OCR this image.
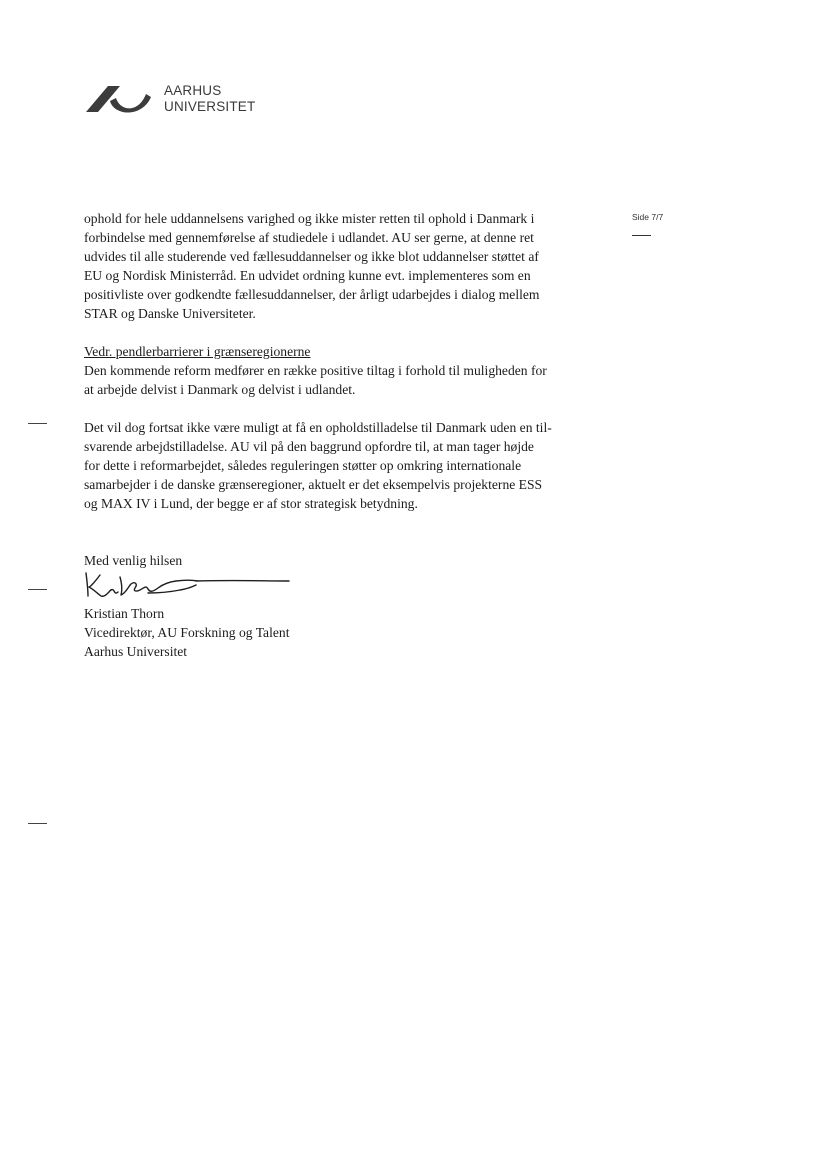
AARHUS
UNIVERSITET
Side 7/7
ophold for hele uddannelsens varighed og ikke mister retten til ophold i Danmark i
forbindelse med gennemførelse af studiedele i udlandet. AU ser gerne, at denne ret
udvides til alle studerende ved fællesuddannelser og ikke blot uddannelser støttet af
EU og Nordisk Ministerråd. En udvidet ordning kunne evt. implementeres som en
positivliste over godkendte fællesuddannelser, der årligt udarbejdes i dialog mellem
STAR og Danske Universiteter.
Vedr. pendlerbarrierer i grænseregionerne
Den kommende reform medfører en række positive tiltag i forhold til muligheden for
at arbejde delvist i Danmark og delvist i udlandet.
Det vil dog fortsat ikke være muligt at få en opholdstilladelse til Danmark uden en til-
svarende arbejdstilladelse. AU vil på den baggrund opfordre til, at man tager højde
for dette i reformarbejdet, således reguleringen støtter op omkring internationale
samarbejder i de danske grænseregioner, aktuelt er det eksempelvis projekterne ESS
og MAX IV i Lund, der begge er af stor strategisk betydning.
Med venlig hilsen
Kristian Thorn
Vicedirektør, AU Forskning og Talent
Aarhus Universitet
